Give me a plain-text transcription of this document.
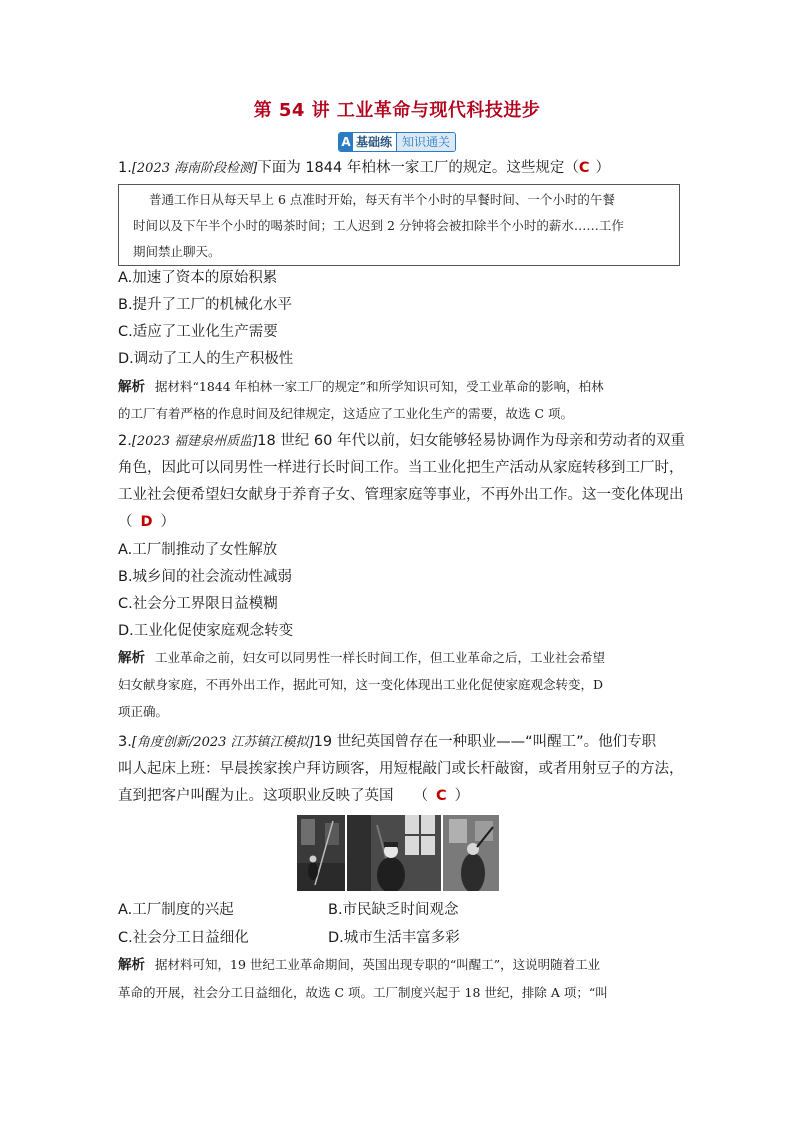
第 54 讲 工业革命与现代科技进步
A 基础练 知识通关
1.[2023 海南阶段检测]下面为 1844 年柏林一家工厂的规定。这些规定（C ）
普通工作日从每天早上 6 点准时开始，每天有半个小时的早餐时间、一个小时的午餐
时间以及下午半个小时的喝茶时间；工人迟到 2 分钟将会被扣除半个小时的薪水……工作
期间禁止聊天。
A.加速了资本的原始积累
B.提升了工厂的机械化水平
C.适应了工业化生产需要
D.调动了工人的生产积极性
解析 据材料“1844 年柏林一家工厂的规定”和所学知识可知，受工业革命的影响，柏林
的工厂有着严格的作息时间及纪律规定，这适应了工业化生产的需要，故选 C 项。
2.[2023 福建泉州质监]18 世纪 60 年代以前，妇女能够轻易协调作为母亲和劳动者的双重
角色，因此可以同男性一样进行长时间工作。当工业化把生产活动从家庭转移到工厂时，
工业社会便希望妇女献身于养育子女、管理家庭等事业，不再外出工作。这一变化体现出
（ D ）
A.工厂制推动了女性解放
B.城乡间的社会流动性减弱
C.社会分工界限日益模糊
D.工业化促使家庭观念转变
解析 工业革命之前，妇女可以同男性一样长时间工作，但工业革命之后，工业社会希望
妇女献身家庭，不再外出工作，据此可知，这一变化体现出工业化促使家庭观念转变，D
项正确。
3.[角度创新/2023 江苏镇江模拟]19 世纪英国曾存在一种职业——“叫醒工”。他们专职
叫人起床上班：早晨挨家挨户拜访顾客，用短棍敲门或长杆敲窗，或者用射豆子的方法，
直到把客户叫醒为止。这项职业反映了英国 （ C ）
A.工厂制度的兴起	B.市民缺乏时间观念
C.社会分工日益细化	D.城市生活丰富多彩
解析 据材料可知，19 世纪工业革命期间，英国出现专职的“叫醒工”，这说明随着工业
革命的开展，社会分工日益细化，故选 C 项。工厂制度兴起于 18 世纪，排除 A 项；“叫
